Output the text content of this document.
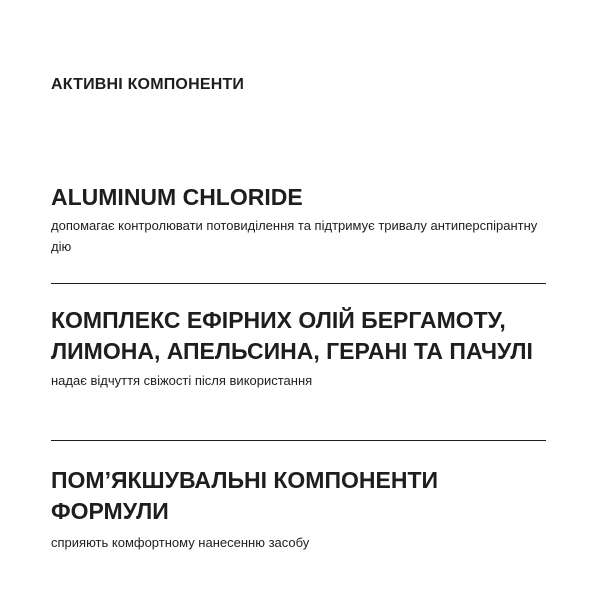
АКТИВНІ КОМПОНЕНТИ
ALUMINUM CHLORIDE

допомагає контролювати потовиділення та підтримує тривалу антиперспірантну дію

КОМПЛЕКС ЕФІРНИХ ОЛІЙ БЕРГАМОТУ, ЛИМОНА, АПЕЛЬСИНА, ГЕРАНІ ТА ПАЧУЛІ

надає відчуття свіжості після використання

ПОМ’ЯКШУВАЛЬНІ КОМПОНЕНТИ ФОРМУЛИ

сприяють комфортному нанесенню засобу
